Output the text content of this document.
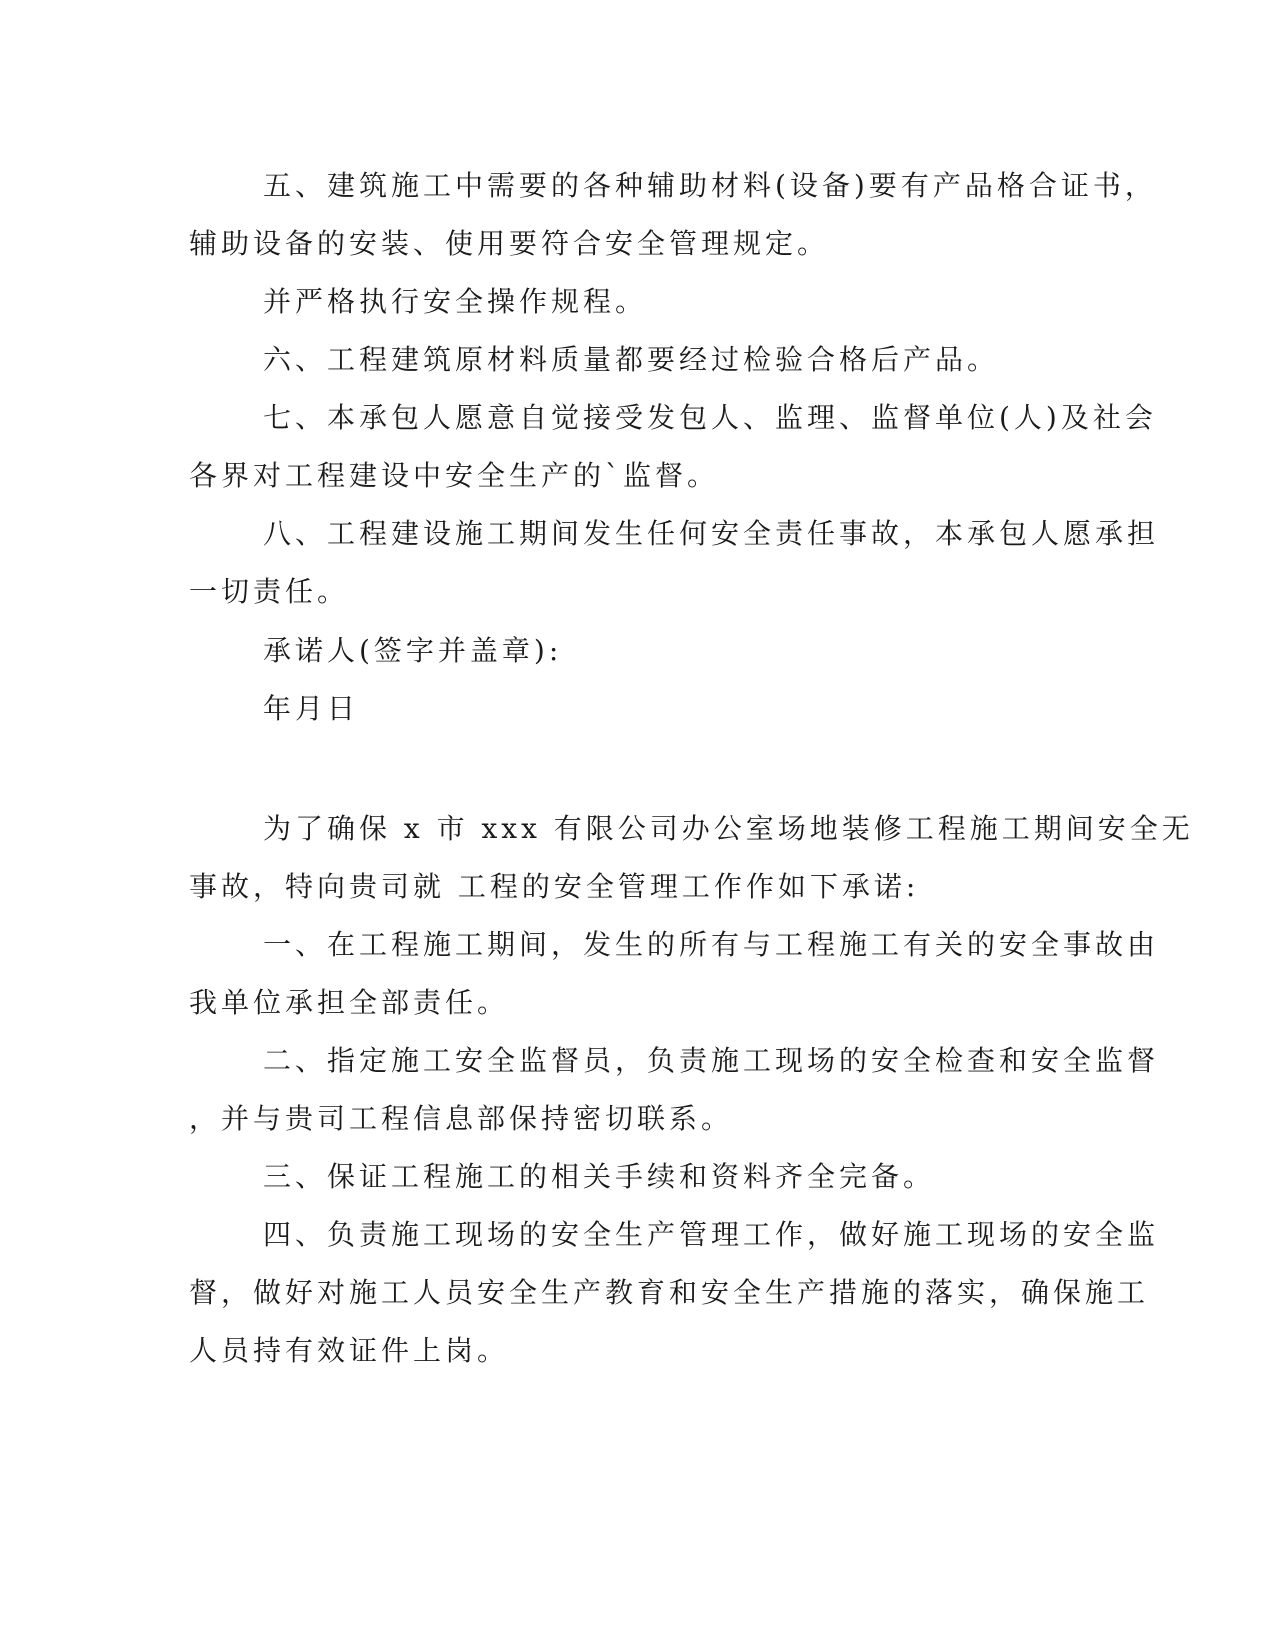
五、建筑施工中需要的各种辅助材料(设备)要有产品格合证书，
辅助设备的安装、使用要符合安全管理规定。
并严格执行安全操作规程。
六、工程建筑原材料质量都要经过检验合格后产品。
七、本承包人愿意自觉接受发包人、监理、监督单位(人)及社会
各界对工程建设中安全生产的`监督。
八、工程建设施工期间发生任何安全责任事故，本承包人愿承担
一切责任。
承诺人(签字并盖章):
年月日
为了确保 x 市 xxx 有限公司办公室场地装修工程施工期间安全无
事故，特向贵司就 工程的安全管理工作作如下承诺:
一、在工程施工期间，发生的所有与工程施工有关的安全事故由
我单位承担全部责任。
二、指定施工安全监督员，负责施工现场的安全检查和安全监督
，并与贵司工程信息部保持密切联系。
三、保证工程施工的相关手续和资料齐全完备。
四、负责施工现场的安全生产管理工作，做好施工现场的安全监
督，做好对施工人员安全生产教育和安全生产措施的落实，确保施工
人员持有效证件上岗。
